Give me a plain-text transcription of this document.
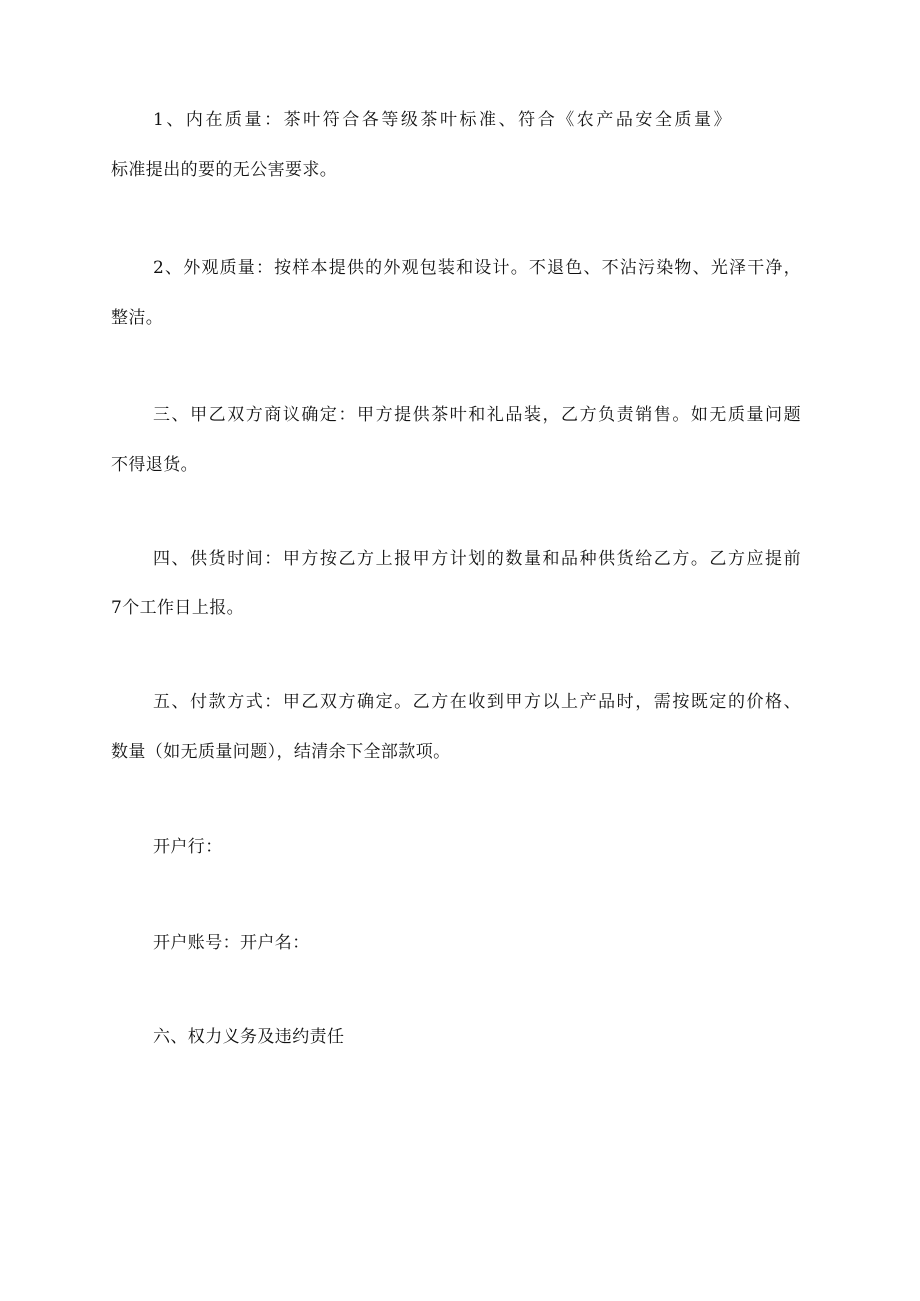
1、内在质量：茶叶符合各等级茶叶标准、符合《农产品安全质量》
标准提出的要的无公害要求。
2、外观质量：按样本提供的外观包装和设计。不退色、不沾污染物、光泽干净，
整洁。
三、甲乙双方商议确定：甲方提供茶叶和礼品装，乙方负责销售。如无质量问题
不得退货。
四、供货时间：甲方按乙方上报甲方计划的数量和品种供货给乙方。乙方应提前
7个工作日上报。
五、付款方式：甲乙双方确定。乙方在收到甲方以上产品时，需按既定的价格、
数量（如无质量问题），结清余下全部款项。
开户行：
开户账号：开户名：
六、权力义务及违约责任
